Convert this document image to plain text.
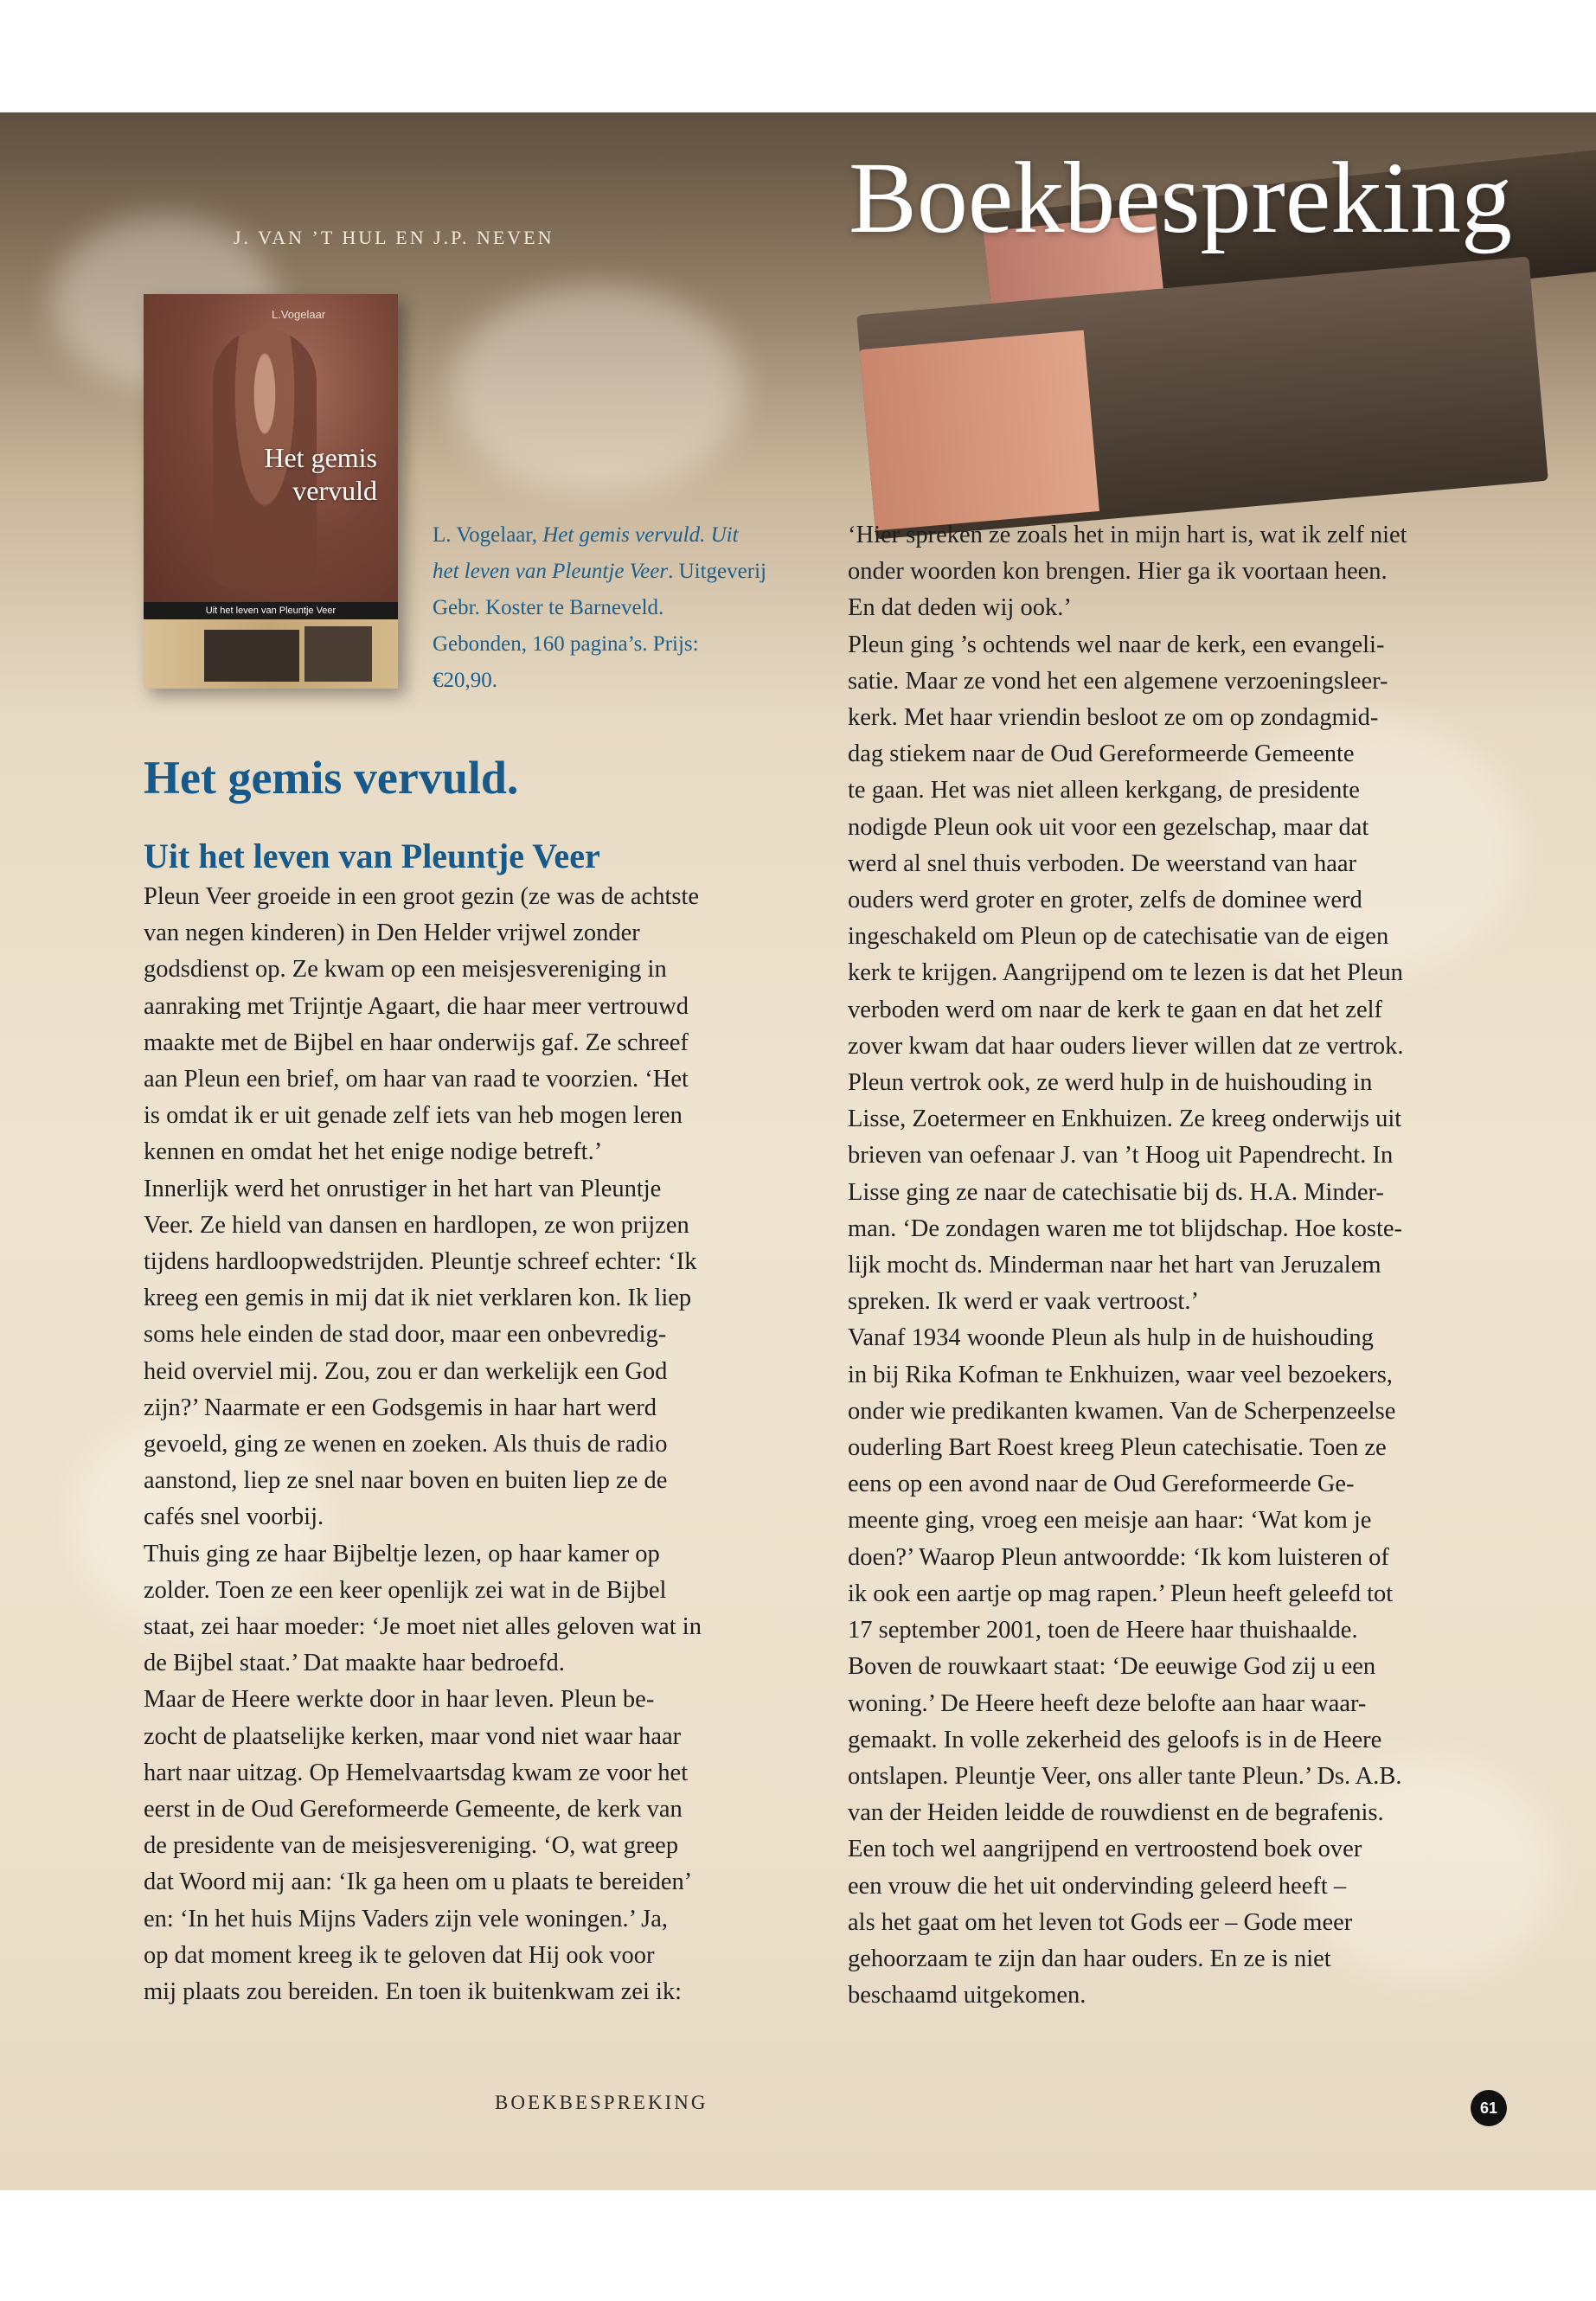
J. VAN ’T HUL EN J.P. NEVEN	Boekbespreking
L.Vogelaar
Het gemis
vervuld
Uit het leven van Pleuntje Veer
L. Vogelaar, Het gemis vervuld. Uit
het leven van Pleuntje Veer. Uitgeverij
Gebr. Koster te Barneveld.
Gebonden, 160 pagina’s. Prijs:
€20,90.
Het gemis vervuld.
Uit het leven van Pleuntje Veer
Pleun Veer groeide in een groot gezin (ze was de achtste
van negen kinderen) in Den Helder vrijwel zonder
godsdienst op. Ze kwam op een meisjesvereniging in
aanraking met Trijntje Agaart, die haar meer vertrouwd
maakte met de Bijbel en haar onderwijs gaf. Ze schreef
aan Pleun een brief, om haar van raad te voorzien. ‘Het
is omdat ik er uit genade zelf iets van heb mogen leren
kennen en omdat het het enige nodige betreft.’
Innerlijk werd het onrustiger in het hart van Pleuntje
Veer. Ze hield van dansen en hardlopen, ze won prijzen
tijdens hardloopwedstrijden. Pleuntje schreef echter: ‘Ik
kreeg een gemis in mij dat ik niet verklaren kon. Ik liep
soms hele einden de stad door, maar een onbevredig-
heid overviel mij. Zou, zou er dan werkelijk een God
zijn?’ Naarmate er een Godsgemis in haar hart werd
gevoeld, ging ze wenen en zoeken. Als thuis de radio
aanstond, liep ze snel naar boven en buiten liep ze de
cafés snel voorbij.
Thuis ging ze haar Bijbeltje lezen, op haar kamer op
zolder. Toen ze een keer openlijk zei wat in de Bijbel
staat, zei haar moeder: ‘Je moet niet alles geloven wat in
de Bijbel staat.’ Dat maakte haar bedroefd.
Maar de Heere werkte door in haar leven. Pleun be-
zocht de plaatselijke kerken, maar vond niet waar haar
hart naar uitzag. Op Hemelvaartsdag kwam ze voor het
eerst in de Oud Gereformeerde Gemeente, de kerk van
de presidente van de meisjesvereniging. ‘O, wat greep
dat Woord mij aan: ‘Ik ga heen om u plaats te bereiden’
en: ‘In het huis Mijns Vaders zijn vele woningen.’ Ja,
op dat moment kreeg ik te geloven dat Hij ook voor
mij plaats zou bereiden. En toen ik buitenkwam zei ik:
‘Hier spreken ze zoals het in mijn hart is, wat ik zelf niet
onder woorden kon brengen. Hier ga ik voortaan heen.
En dat deden wij ook.’
Pleun ging ’s ochtends wel naar de kerk, een evangeli-
satie. Maar ze vond het een algemene verzoeningsleer-
kerk. Met haar vriendin besloot ze om op zondagmid-
dag stiekem naar de Oud Gereformeerde Gemeente
te gaan. Het was niet alleen kerkgang, de presidente
nodigde Pleun ook uit voor een gezelschap, maar dat
werd al snel thuis verboden. De weerstand van haar
ouders werd groter en groter, zelfs de dominee werd
ingeschakeld om Pleun op de catechisatie van de eigen
kerk te krijgen. Aangrijpend om te lezen is dat het Pleun
verboden werd om naar de kerk te gaan en dat het zelf
zover kwam dat haar ouders liever willen dat ze vertrok.
Pleun vertrok ook, ze werd hulp in de huishouding in
Lisse, Zoetermeer en Enkhuizen. Ze kreeg onderwijs uit
brieven van oefenaar J. van ’t Hoog uit Papendrecht. In
Lisse ging ze naar de catechisatie bij ds. H.A. Minder-
man. ‘De zondagen waren me tot blijdschap. Hoe koste-
lijk mocht ds. Minderman naar het hart van Jeruzalem
spreken. Ik werd er vaak vertroost.’
Vanaf 1934 woonde Pleun als hulp in de huishouding
in bij Rika Kofman te Enkhuizen, waar veel bezoekers,
onder wie predikanten kwamen. Van de Scherpenzeelse
ouderling Bart Roest kreeg Pleun catechisatie. Toen ze
eens op een avond naar de Oud Gereformeerde Ge-
meente ging, vroeg een meisje aan haar: ‘Wat kom je
doen?’ Waarop Pleun antwoordde: ‘Ik kom luisteren of
ik ook een aartje op mag rapen.’ Pleun heeft geleefd tot
17 september 2001, toen de Heere haar thuishaalde.
Boven de rouwkaart staat: ‘De eeuwige God zij u een
woning.’ De Heere heeft deze belofte aan haar waar-
gemaakt. In volle zekerheid des geloofs is in de Heere
ontslapen. Pleuntje Veer, ons aller tante Pleun.’ Ds. A.B.
van der Heiden leidde de rouwdienst en de begrafenis.
Een toch wel aangrijpend en vertroostend boek over
een vrouw die het uit ondervinding geleerd heeft –
als het gaat om het leven tot Gods eer – Gode meer
gehoorzaam te zijn dan haar ouders. En ze is niet
beschaamd uitgekomen.
BOEKBESPREKING	61
